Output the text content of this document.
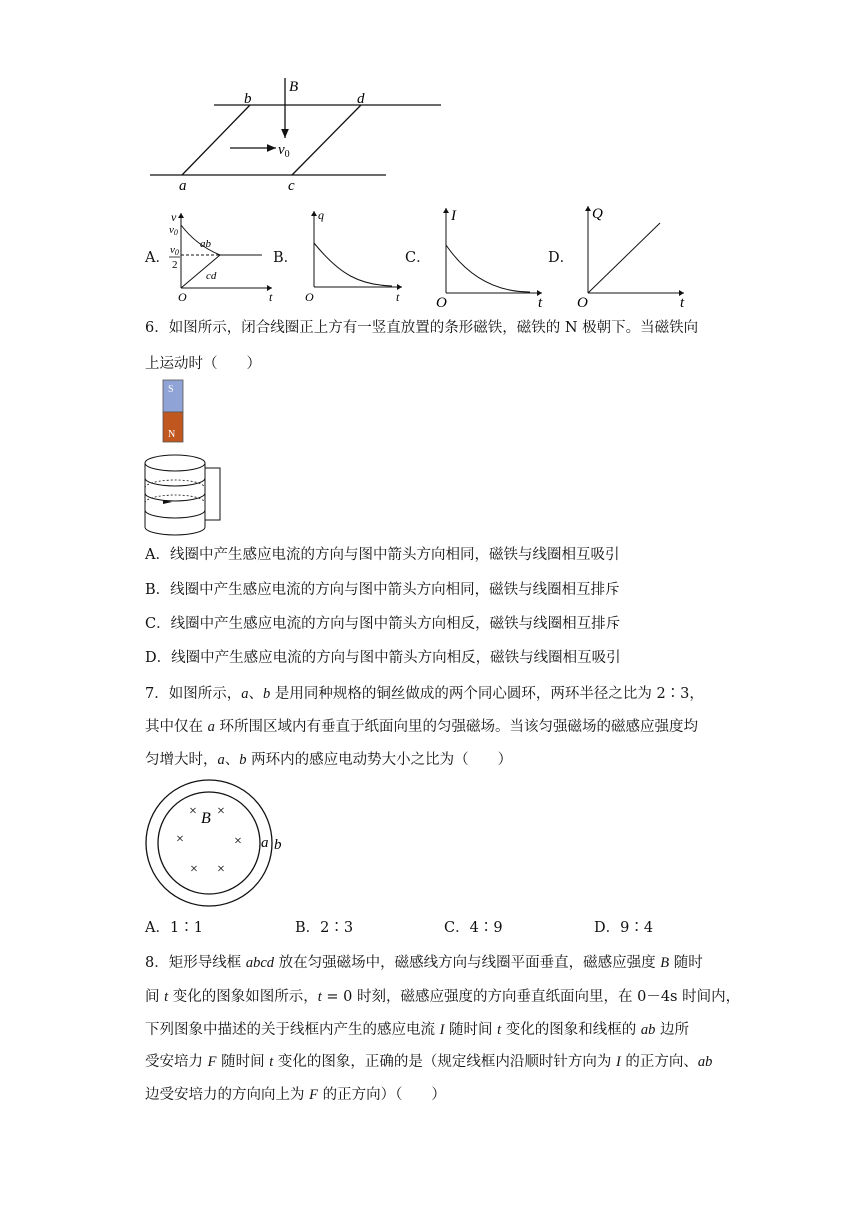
B
b	d
a	c
$v_0$
A．
v
v0
v0
2
ab
cd
O	t
B．
q
O	t
C．
I
O	t
D．
Q
O	t
6．如图所示，闭合线圈正上方有一竖直放置的条形磁铁，磁铁的 N 极朝下。当磁铁向
上运动时（　　）
S
N
A．线圈中产生感应电流的方向与图中箭头方向相同，磁铁与线圈相互吸引
B．线圈中产生感应电流的方向与图中箭头方向相同，磁铁与线圈相互排斥
C．线圈中产生感应电流的方向与图中箭头方向相反，磁铁与线圈相互排斥
D．线圈中产生感应电流的方向与图中箭头方向相反，磁铁与线圈相互吸引
7．如图所示，a、b 是用同种规格的铜丝做成的两个同心圆环，两环半径之比为 2∶3，
其中仅在 a 环所围区域内有垂直于纸面向里的匀强磁场。当该匀强磁场的磁感应强度均
匀增大时，a、b 两环内的感应电动势大小之比为（　　）
× ×
×	×
× ×
B
a b
A．1∶1	B．2∶3	C．4∶9	D．9∶4
8．矩形导线框 abcd 放在匀强磁场中，磁感线方向与线圈平面垂直，磁感应强度 B 随时
间 t 变化的图象如图所示，t = 0 时刻，磁感应强度的方向垂直纸面向里，在 0－4s 时间内，
下列图象中描述的关于线框内产生的感应电流 I 随时间 t 变化的图象和线框的 ab 边所
受安培力 F 随时间 t 变化的图象，正确的是（规定线框内沿顺时针方向为 I 的正方向、ab
边受安培力的方向向上为 F 的正方向）（　　）
